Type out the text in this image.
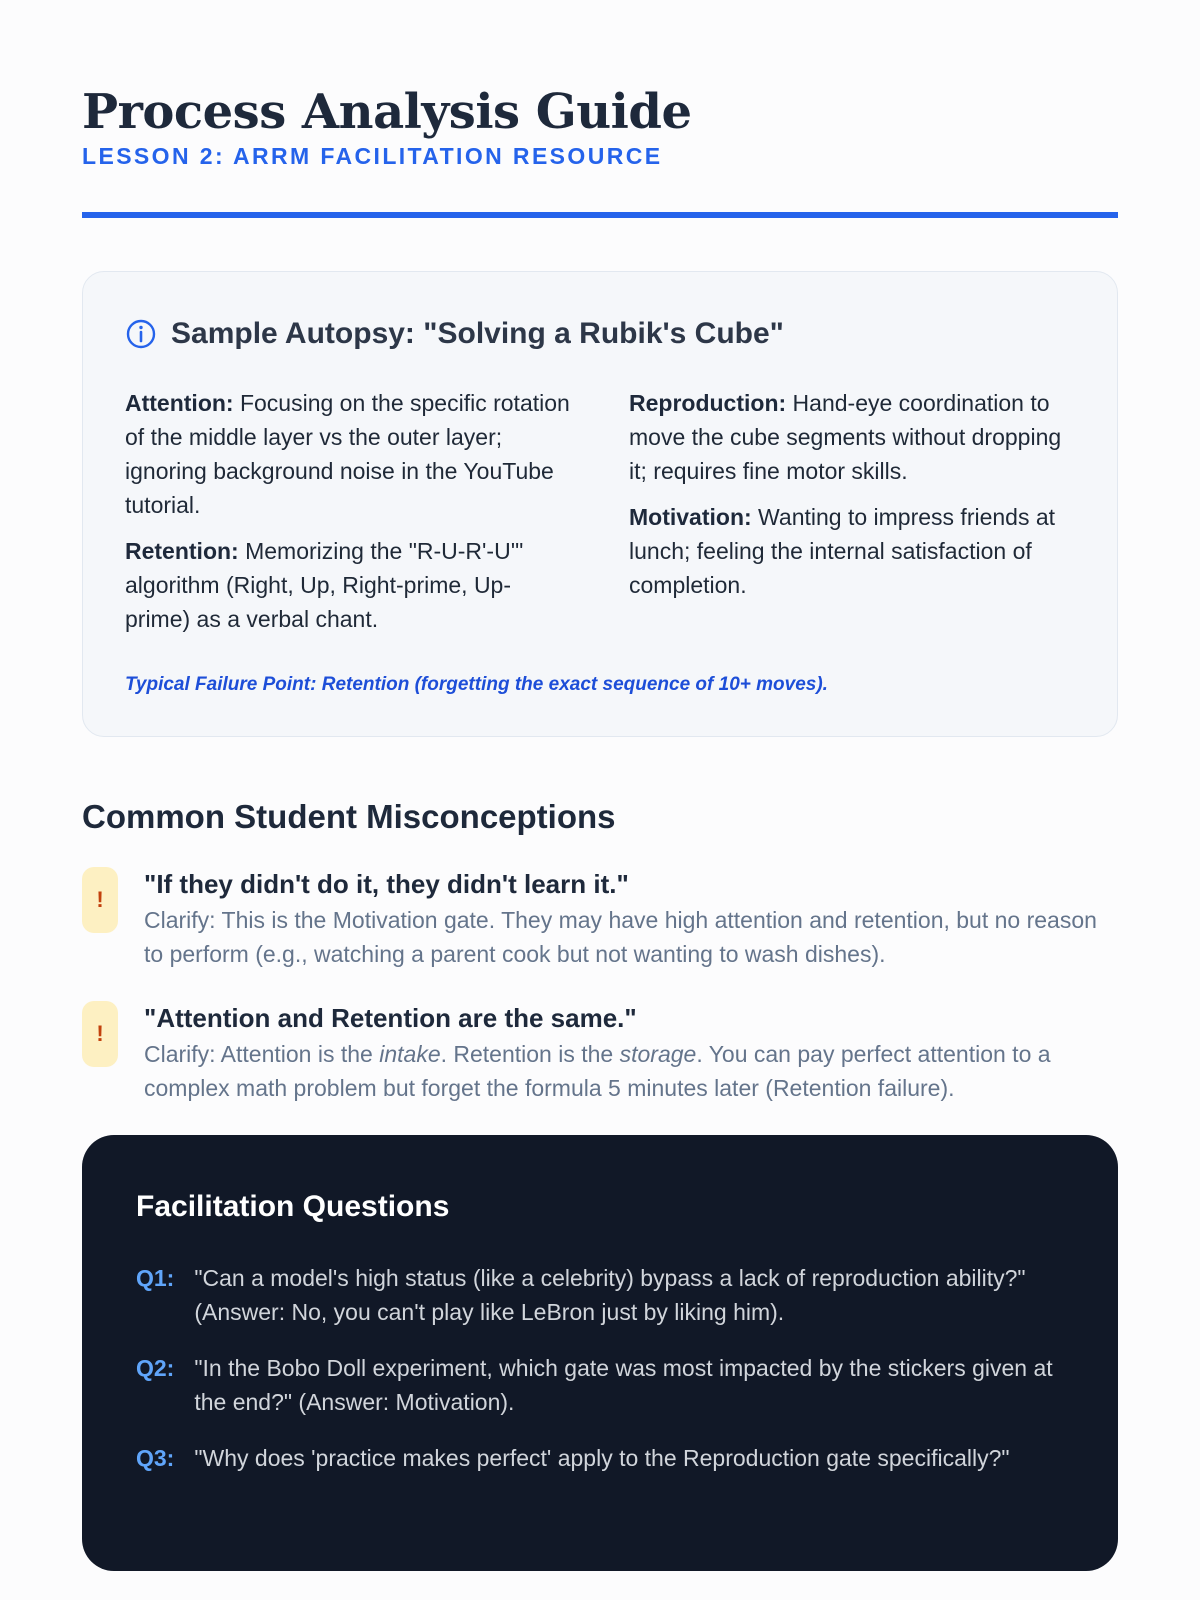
Process Analysis Guide
LESSON 2: ARRM FACILITATION RESOURCE
Sample Autopsy: "Solving a Rubik's Cube"

Attention: Focusing on the specific rotation of the middle layer vs the outer layer; ignoring background noise in the YouTube tutorial.

Retention: Memorizing the "R-U-R'-U'" algorithm (Right, Up, Right-prime, Up-prime) as a verbal chant.

Reproduction: Hand-eye coordination to move the cube segments without dropping it; requires fine motor skills.

Motivation: Wanting to impress friends at lunch; feeling the internal satisfaction of completion.

Typical Failure Point: Retention (forgetting the exact sequence of 10+ moves).
Common Student Misconceptions
!
"If they didn't do it, they didn't learn it."
Clarify: This is the Motivation gate. They may have high attention and retention, but no reason to perform (e.g., watching a parent cook but not wanting to wash dishes).
!
"Attention and Retention are the same."
Clarify: Attention is the intake. Retention is the storage. You can pay perfect attention to a complex math problem but forget the formula 5 minutes later (Retention failure).
Facilitation Questions
Q1: "Can a model's high status (like a celebrity) bypass a lack of reproduction ability?" (Answer: No, you can't play like LeBron just by liking him).
Q2: "In the Bobo Doll experiment, which gate was most impacted by the stickers given at the end?" (Answer: Motivation).
Q3: "Why does 'practice makes perfect' apply to the Reproduction gate specifically?"
